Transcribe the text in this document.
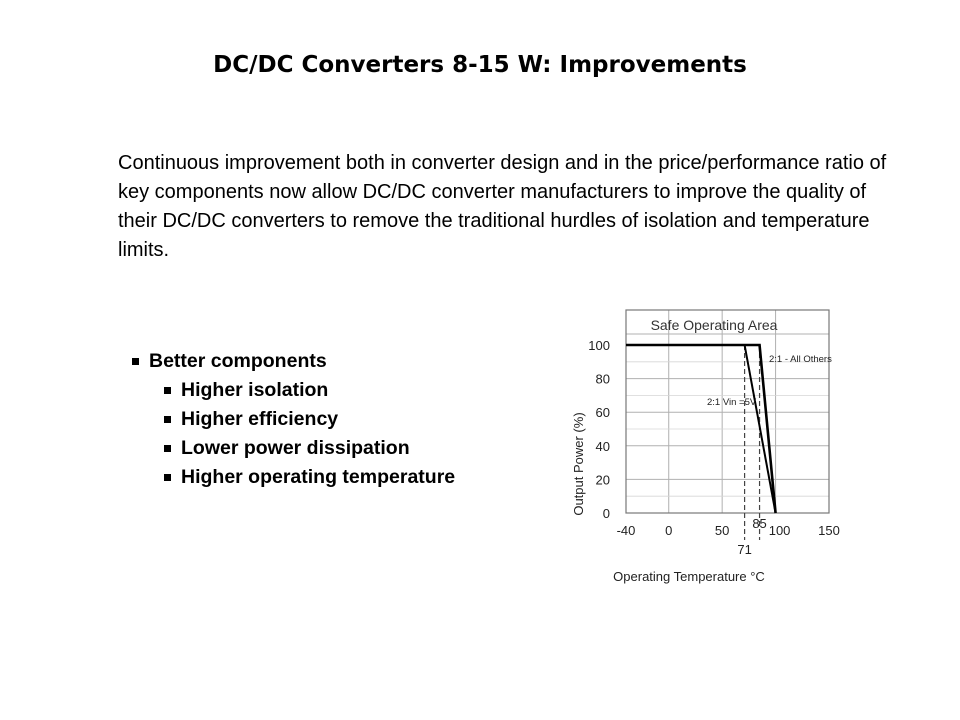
DC/DC Converters 8-15 W: Improvements
Continuous improvement both in converter design and in the price/performance ratio of key components now allow DC/DC converter manufacturers to improve the quality of their DC/DC converters to remove the traditional hurdles of isolation and temperature limits.
Better components
Higher isolation
Higher efficiency
Lower power dissipation
Higher operating temperature
Safe Operating Area
0
20
40
60
80
100
-40 0	50	100 150
71
85
2:1 - All Others
2:1 Vin =5V
Output Power (%)
Operating Temperature °C
